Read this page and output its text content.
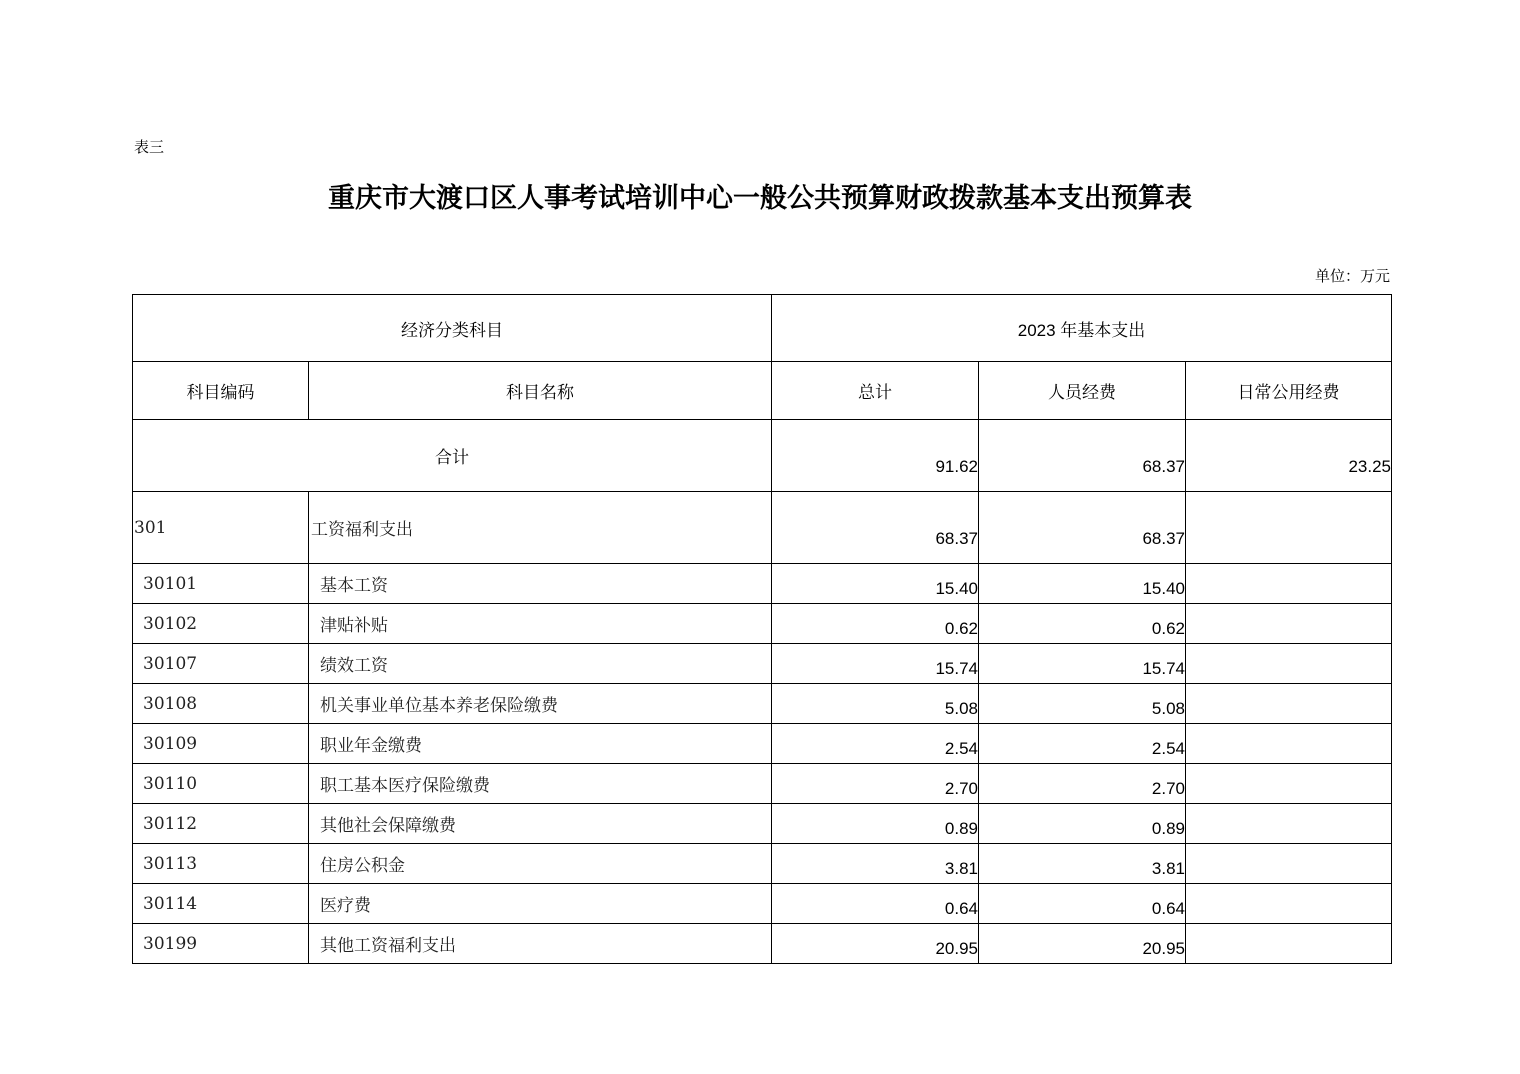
表三
重庆市大渡口区人事考试培训中心一般公共预算财政拨款基本支出预算表
单位：万元
经济分类科目		2023 年基本支出		
科目编码	科目名称	总计	人员经费	日常公用经费
合计		91.62	68.37	23.25
301	工资福利支出	68.37	68.37	
30101	基本工资	15.40	15.40	
30102	津贴补贴	0.62	0.62	
30107	绩效工资	15.74	15.74	
30108	机关事业单位基本养老保险缴费	5.08	5.08	
30109	职业年金缴费	2.54	2.54	
30110	职工基本医疗保险缴费	2.70	2.70	
30112	其他社会保障缴费	0.89	0.89	
30113	住房公积金	3.81	3.81	
30114	医疗费	0.64	0.64	
30199	其他工资福利支出	20.95	20.95	
